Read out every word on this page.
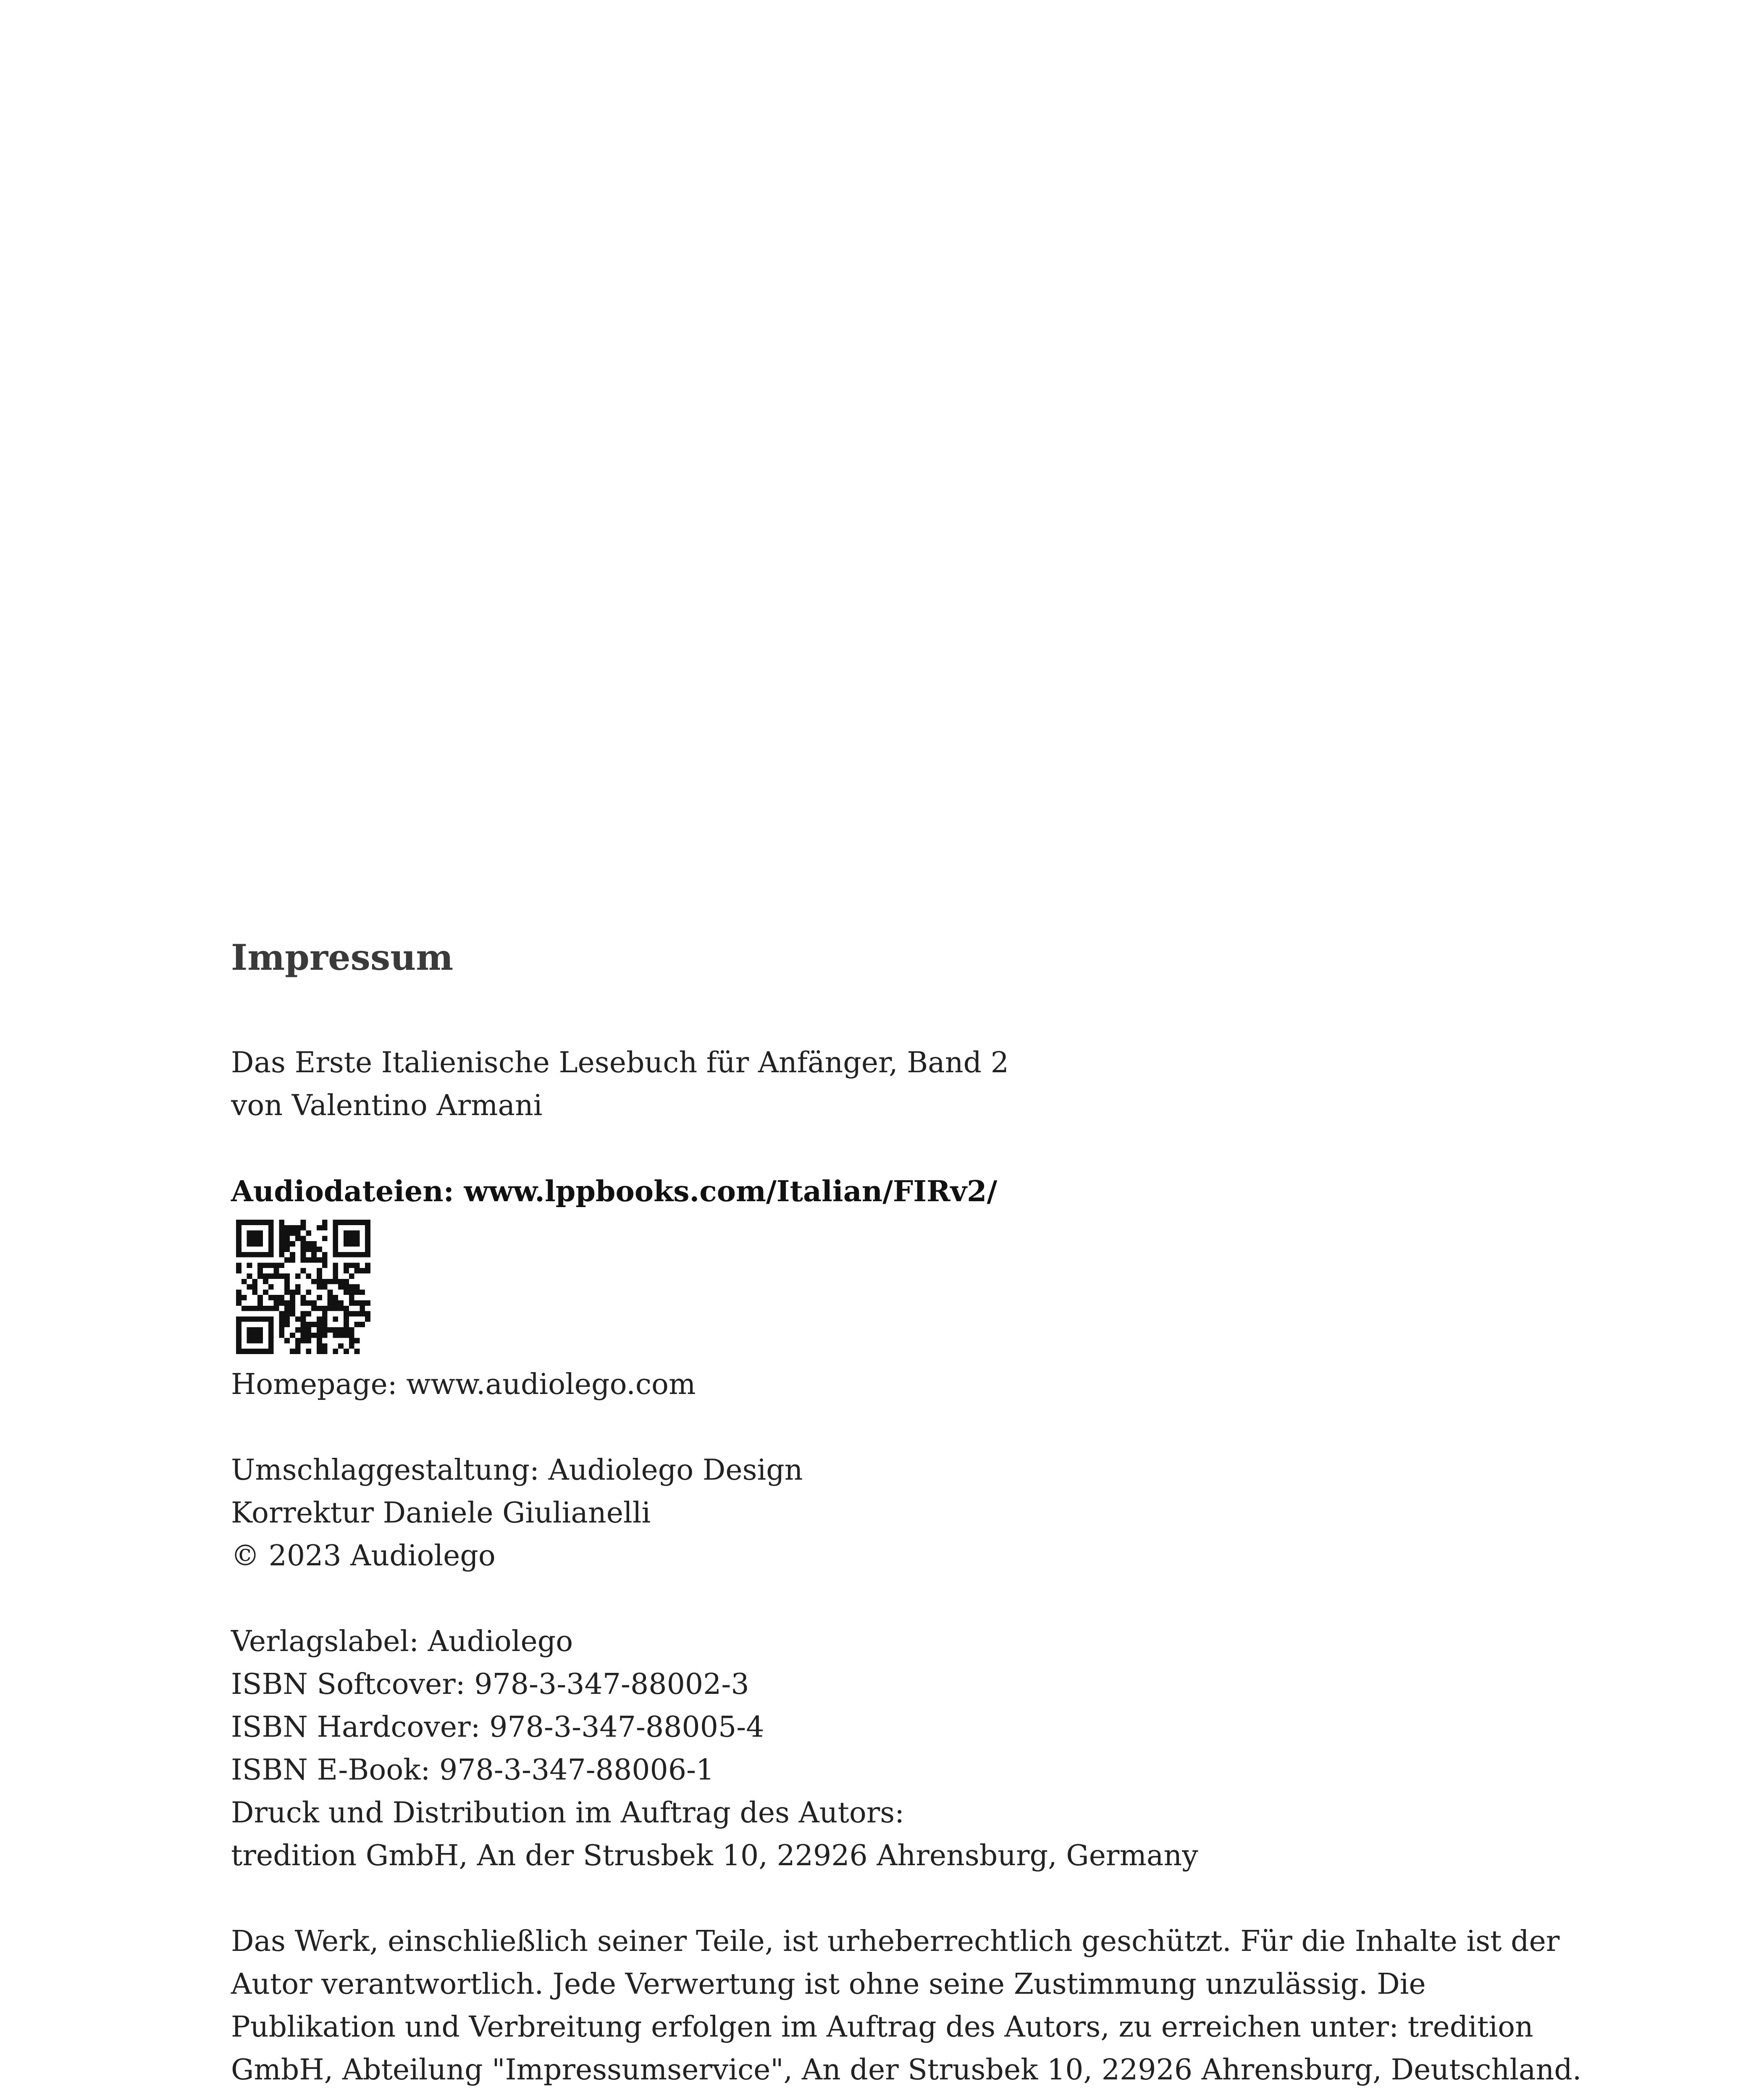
Impressum
Das Erste Italienische Lesebuch für Anfänger, Band 2
von Valentino Armani
Audiodateien: www.lppbooks.com/Italian/FIRv2/
Homepage: www.audiolego.com
Umschlaggestaltung: Audiolego Design
Korrektur Daniele Giulianelli
© 2023 Audiolego
Verlagslabel: Audiolego
ISBN Softcover: 978-3-347-88002-3
ISBN Hardcover: 978-3-347-88005-4
ISBN E-Book: 978-3-347-88006-1
Druck und Distribution im Auftrag des Autors:
tredition GmbH, An der Strusbek 10, 22926 Ahrensburg, Germany
Das Werk, einschließlich seiner Teile, ist urheberrechtlich geschützt. Für die Inhalte ist der
Autor verantwortlich. Jede Verwertung ist ohne seine Zustimmung unzulässig. Die
Publikation und Verbreitung erfolgen im Auftrag des Autors, zu erreichen unter: tredition
GmbH, Abteilung "Impressumservice", An der Strusbek 10, 22926 Ahrensburg, Deutschland.
